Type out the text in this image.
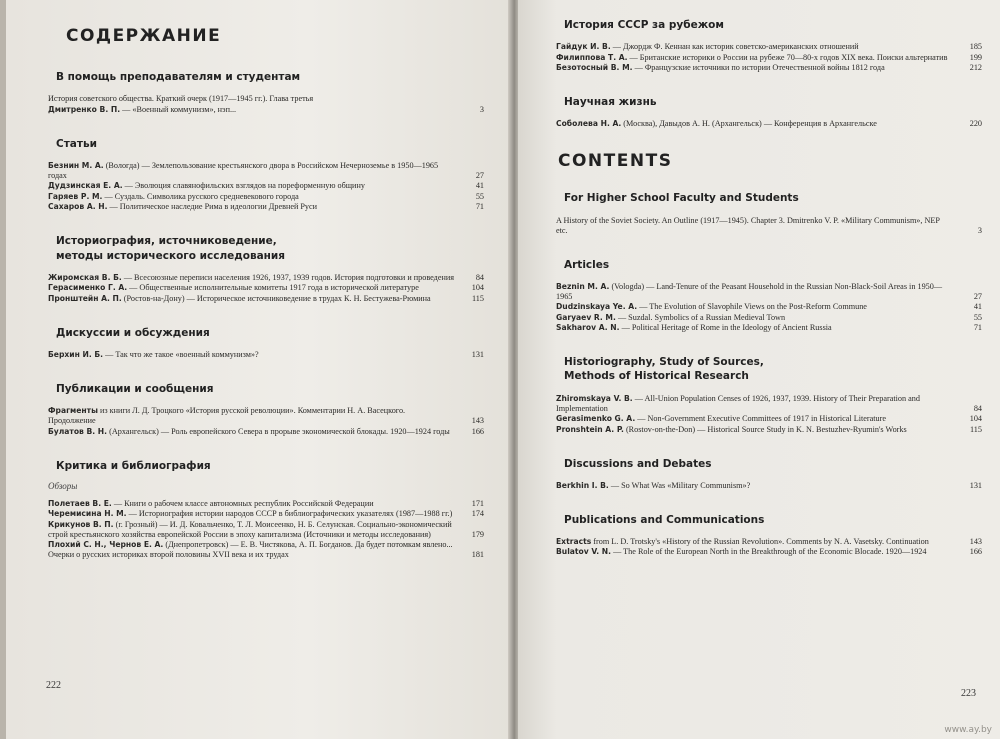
СОДЕРЖАНИЕ
В помощь преподавателям и студентам
История советского общества. Краткий очерк (1917—1945 гг.). Глава третья
Дмитренко В. П. — «Военный коммунизм», нэп...	3
Статьи
Безнин М. А. (Вологда) — Землепользование крестьянского двора в Российском Нечерноземье в 1950—1965 годах	27
Дудзинская Е. А. — Эволюция славянофильских взглядов на пореформенную общину	41
Гаряев Р. М. — Суздаль. Символика русского средневекового города	55
Сахаров А. Н. — Политическое наследие Рима в идеологии Древней Руси	71
Историография, источниковедение,
методы исторического исследования
Жиромская В. Б. — Всесоюзные переписи населения 1926, 1937, 1939 годов. История подготовки и проведения	84
Герасименко Г. А. — Общественные исполнительные комитеты 1917 года в исторической литературе	104
Пронштейн А. П. (Ростов-на-Дону) — Историческое источниковедение в трудах К. Н. Бестужева-Рюмина	115
Дискуссии и обсуждения
Берхин И. Б. — Так что же такое «военный коммунизм»?	131
Публикации и сообщения
Фрагменты из книги Л. Д. Троцкого «История русской революции». Комментарии Н. А. Васецкого. Продолжение	143
Булатов В. Н. (Архангельск) — Роль европейского Севера в прорыве экономической блокады. 1920—1924 годы	166
Критика и библиография
Обзоры
Полетаев В. Е. — Книги о рабочем классе автономных республик Российской Федерации	171
Черемисина Н. М. — Историография истории народов СССР в библиографических указателях (1987—1988 гг.) 174
Крикунов В. П. (г. Грозный) — И. Д. Ковальченко, Т. Л. Моисеенко, Н. Б. Селунская. Социально-экономический строй крестьянского хозяйства европейской России в эпоху капитализма (Источники и методы исследования)	179
Плохий С. Н., Чернов Е. А. (Днепропетровск) — Е. В. Чистякова, А. П. Богданов. Да будет потомкам явлено... Очерки о русских историках второй половины XVII века и их трудах	181
222
История СССР за рубежом
Гайдук И. В. — Джордж Ф. Кеннан как историк советско-американских отношений	185
Филиппова Т. А. — Британские историки о России на рубеже 70—80-х годов XIX века. Поиски альтернатив	199
Безотосный В. М. — Французские источники по истории Отечественной войны 1812 года	212
Научная жизнь
Соболева Н. А. (Москва), Давыдов А. Н. (Архангельск) — Конференция в Архангельске	220
CONTENTS
For Higher School Faculty and Students
A History of the Soviet Society. An Outline (1917—1945). Chapter 3. Dmitrenko V. P. «Military Communism», NEP etc.	3
Articles
Beznin M. A. (Vologda) — Land-Tenure of the Peasant Household in the Russian Non-Black-Soil Areas in 1950—1965	27
Dudzinskaya Ye. A. — The Evolution of Slavophile Views on the Post-Reform Commune	41
Garyaev R. M. — Suzdal. Symbolics of a Russian Medieval Town	55
Sakharov A. N. — Political Heritage of Rome in the Ideology of Ancient Russia	71
Historiography, Study of Sources,
Methods of Historical Research
Zhiromskaya V. B. — All-Union Population Censes of 1926, 1937, 1939. History of Their Preparation and Implementation	84
Gerasimenko G. A. — Non-Government Executive Committees of 1917 in Historical Literature	104
Pronshtein A. P. (Rostov-on-the-Don) — Historical Source Study in K. N. Bestuzhev-Ryumin's Works	115
Discussions and Debates
Berkhin I. B. — So What Was «Military Communism»?	131
Publications and Communications
Extracts from L. D. Trotsky's «History of the Russian Revolution». Comments by N. A. Vasetsky. Continuation	143
Bulatov V. N. — The Role of the European North in the Breakthrough of the Economic Blocade. 1920—1924	166
223
www.ay.by
